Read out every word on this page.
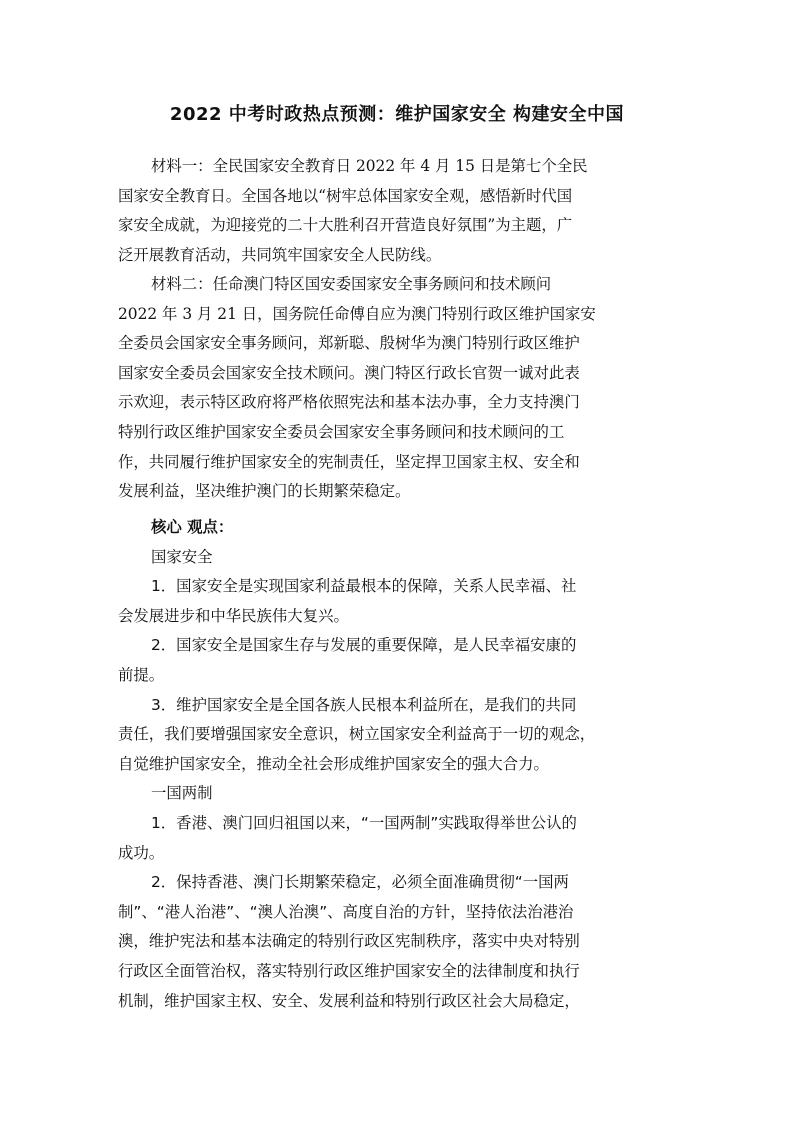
2022 中考时政热点预测：维护国家安全 构建安全中国
材料一：全民国家安全教育日 2022 年 4 月 15 日是第七个全民
国家安全教育日。全国各地以“树牢总体国家安全观，感悟新时代国
家安全成就，为迎接党的二十大胜利召开营造良好氛围”为主题，广
泛开展教育活动，共同筑牢国家安全人民防线。
材料二：任命澳门特区国安委国家安全事务顾问和技术顾问
2022 年 3 月 21 日，国务院任命傅自应为澳门特别行政区维护国家安
全委员会国家安全事务顾问，郑新聪、殷树华为澳门特别行政区维护
国家安全委员会国家安全技术顾问。澳门特区行政长官贺一诚对此表
示欢迎，表示特区政府将严格依照宪法和基本法办事，全力支持澳门
特别行政区维护国家安全委员会国家安全事务顾问和技术顾问的工
作，共同履行维护国家安全的宪制责任，坚定捍卫国家主权、安全和
发展利益，坚决维护澳门的长期繁荣稳定。
核心 观点：
国家安全
1．国家安全是实现国家利益最根本的保障，关系人民幸福、社
会发展进步和中华民族伟大复兴。
2．国家安全是国家生存与发展的重要保障，是人民幸福安康的
前提。
3．维护国家安全是全国各族人民根本利益所在，是我们的共同
责任，我们要增强国家安全意识，树立国家安全利益高于一切的观念，
自觉维护国家安全，推动全社会形成维护国家安全的强大合力。
一国两制
1．香港、澳门回归祖国以来，“一国两制”实践取得举世公认的
成功。
2．保持香港、澳门长期繁荣稳定，必须全面准确贯彻“一国两
制”、“港人治港”、“澳人治澳”、高度自治的方针，坚持依法治港治
澳，维护宪法和基本法确定的特别行政区宪制秩序，落实中央对特别
行政区全面管治权，落实特别行政区维护国家安全的法律制度和执行
机制，维护国家主权、安全、发展利益和特别行政区社会大局稳定，
